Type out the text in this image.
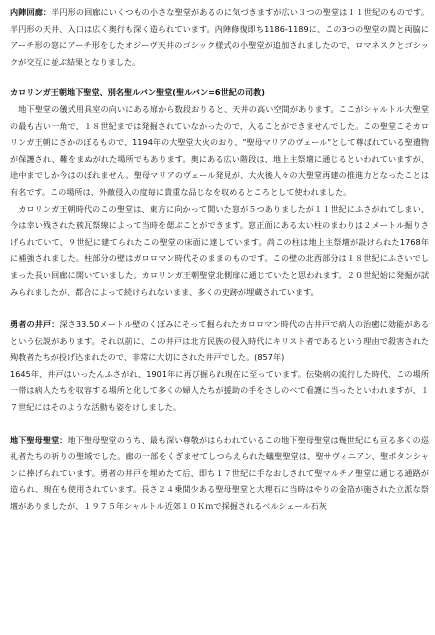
内陣回廊：半円形の回廊にいくつもの小さな聖堂があるのに気づきますが広い３つの聖堂は１１世紀のものです。半円形の天井、入口は広く奥行も深く造られています。内陣修復即ち1186-1189に、この3つの聖堂の間と両脇にアーチ形の窓にアーチ形をしたオジーヴ天井のゴシック様式の小聖堂が追加されましたので、ロマネスクとゴシックが交互に並ぶ結果となりました。

カロリンガ王朝地下聖堂、別名聖ルバン聖堂(聖ルバン=6世紀の司教)

　地下聖堂の儀式用具室の向いにある扉から数段おりると、天井の高い空間があります。ここがシャルトル大聖堂の最も古い一角で、１８世紀までは発掘されていなかったので、入ることができませんでした。この聖堂こそカロリンガ王朝にさかのぼるもので、1194年の大聖堂大火のおり、"聖母マリアのヴェール"として尊ばれている聖遺物が保護され、難をまぬがれた場所でもあります。奥にある広い階段は、地上主祭壇に通じるといわれていますが、途中までしか今はのぼれません。聖母マリアのヴェール発見が、大火後人々の大聖堂再建の推進力となったことは有名です。この場所は、外敵侵入の度毎に貴重な品じなを収めるところとして使われました。

　カロリンガ王朝時代のこの聖堂は、東方に向かって開いた窓が５つありましたが１１世紀にふさがれてしまい、今は幸い残された蔟瓦祭線によって当時を偲ぶことができます。窓正面にある太い柱のまわりは２メートル掘りさげられていて、９世紀に建てられたこの聖堂の床面に達しています。尚この柱は地上主祭壇が設けられた1768年に補強されました。柱部分の壁はガロロマン時代そのままのものです。この壁の北西部分は１８世紀にふさいでしまった長い回廊に開いていました。カロリンガ王朝聖堂北側扉に通じていたと思われます。２０世紀始に発掘が試みられましたが、都合によって続けられないまま、多くの史跡が埋蔵されています。

勇者の井戸：深さ33.50メートル壁のくぼみにそって掘られたカロロマン時代の古井戸で病人の治癒に効能があるという伝説があります。それ以前に、この井戸は北方民族の侵入時代にキリスト者であるという理由で殺害された殉教者たちが投げ込まれたので、非常に大切にされた井戸でした。(857年)

1645年、井戸はいったんふさがれ、1901年に再び掘られ現在に至っています。伝染病の流行した時代、この場所一帯は病人たちを収容する場所と化して多くの婦人たちが援助の手をさしのべて看護に当ったといわれますが、１７世紀にはそのような活動も姿をけしました。

地下聖母聖堂：地下聖母聖堂のうち、最も深い尊敬がはらわれているこの地下聖母聖堂は幾世紀にも亘る多くの巡礼者たちの祈りの聖域でした。廊の一部をくぎませてしつらえられた蟻聖聖堂は、聖サヴィニアン、聖ポタンシャンに捧げられています。勇者の井戸を埋めたて后、即ち１７世紀に手なおしされて聖マルチノ聖堂に通じる通路が造られ、現在も使用されています。長さ２４乗間少ある聖母聖堂と大理石に当時はやりの金箔が施された立派な祭壇がありましたが、１９７５年シャルトル近郊１０Ｋｍで採掘されるベルシェール石灰
